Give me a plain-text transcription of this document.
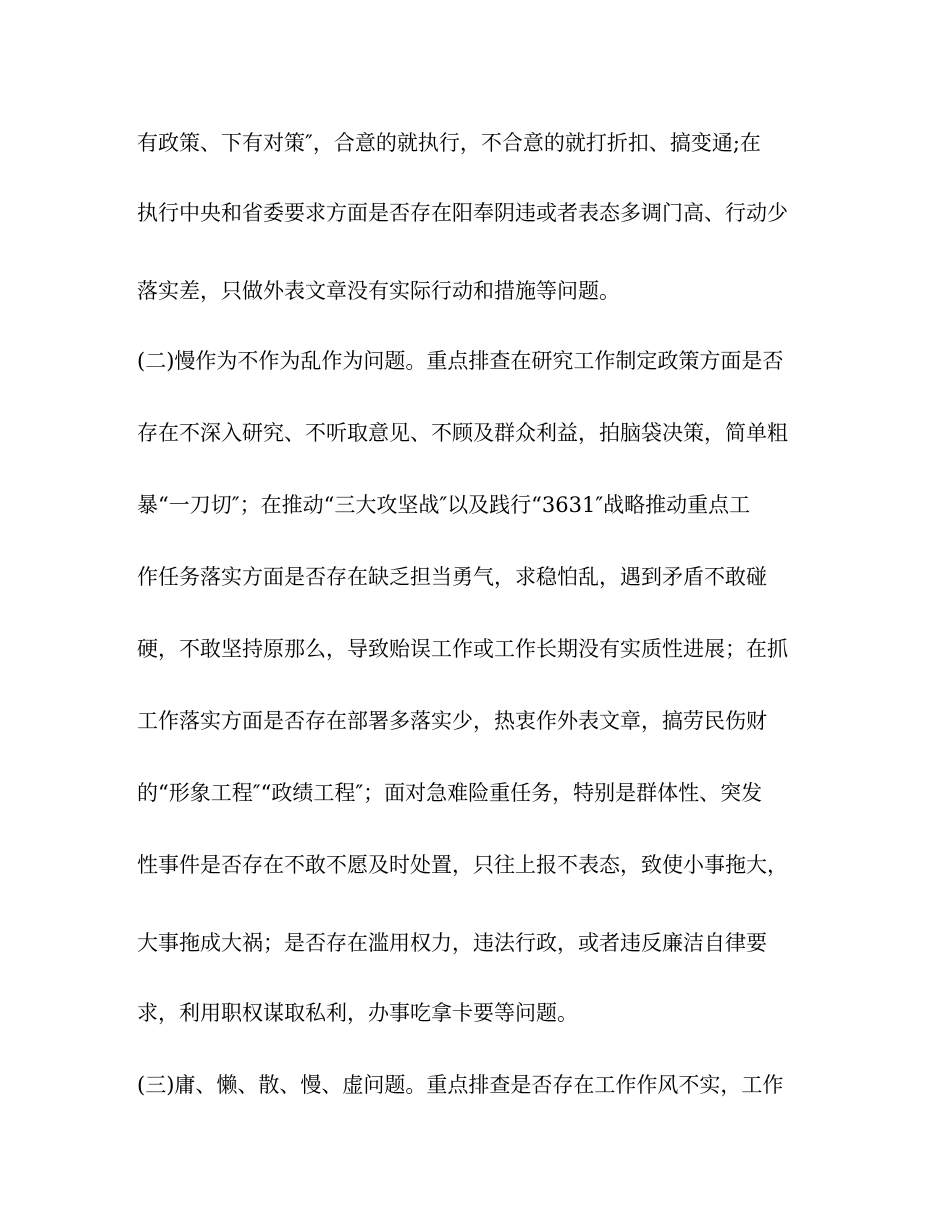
有政策、下有对策″，合意的就执行，不合意的就打折扣、搞变通;在
执行中央和省委要求方面是否存在阳奉阴违或者表态多调门高、行动少
落实差，只做外表文章没有实际行动和措施等问题。
(二)慢作为不作为乱作为问题。重点排查在研究工作制定政策方面是否
存在不深入研究、不听取意见、不顾及群众利益，拍脑袋决策，简单粗
暴“一刀切″；在推动“三大攻坚战″以及践行“3631″战略推动重点工
作任务落实方面是否存在缺乏担当勇气，求稳怕乱，遇到矛盾不敢碰
硬，不敢坚持原那么，导致贻误工作或工作长期没有实质性进展；在抓
工作落实方面是否存在部署多落实少，热衷作外表文章，搞劳民伤财
的“形象工程″“政绩工程″；面对急难险重任务，特别是群体性、突发
性事件是否存在不敢不愿及时处置，只往上报不表态，致使小事拖大，
大事拖成大祸；是否存在滥用权力，违法行政，或者违反廉洁自律要
求，利用职权谋取私利，办事吃拿卡要等问题。
(三)庸、懒、散、慢、虚问题。重点排查是否存在工作作风不实，工作
